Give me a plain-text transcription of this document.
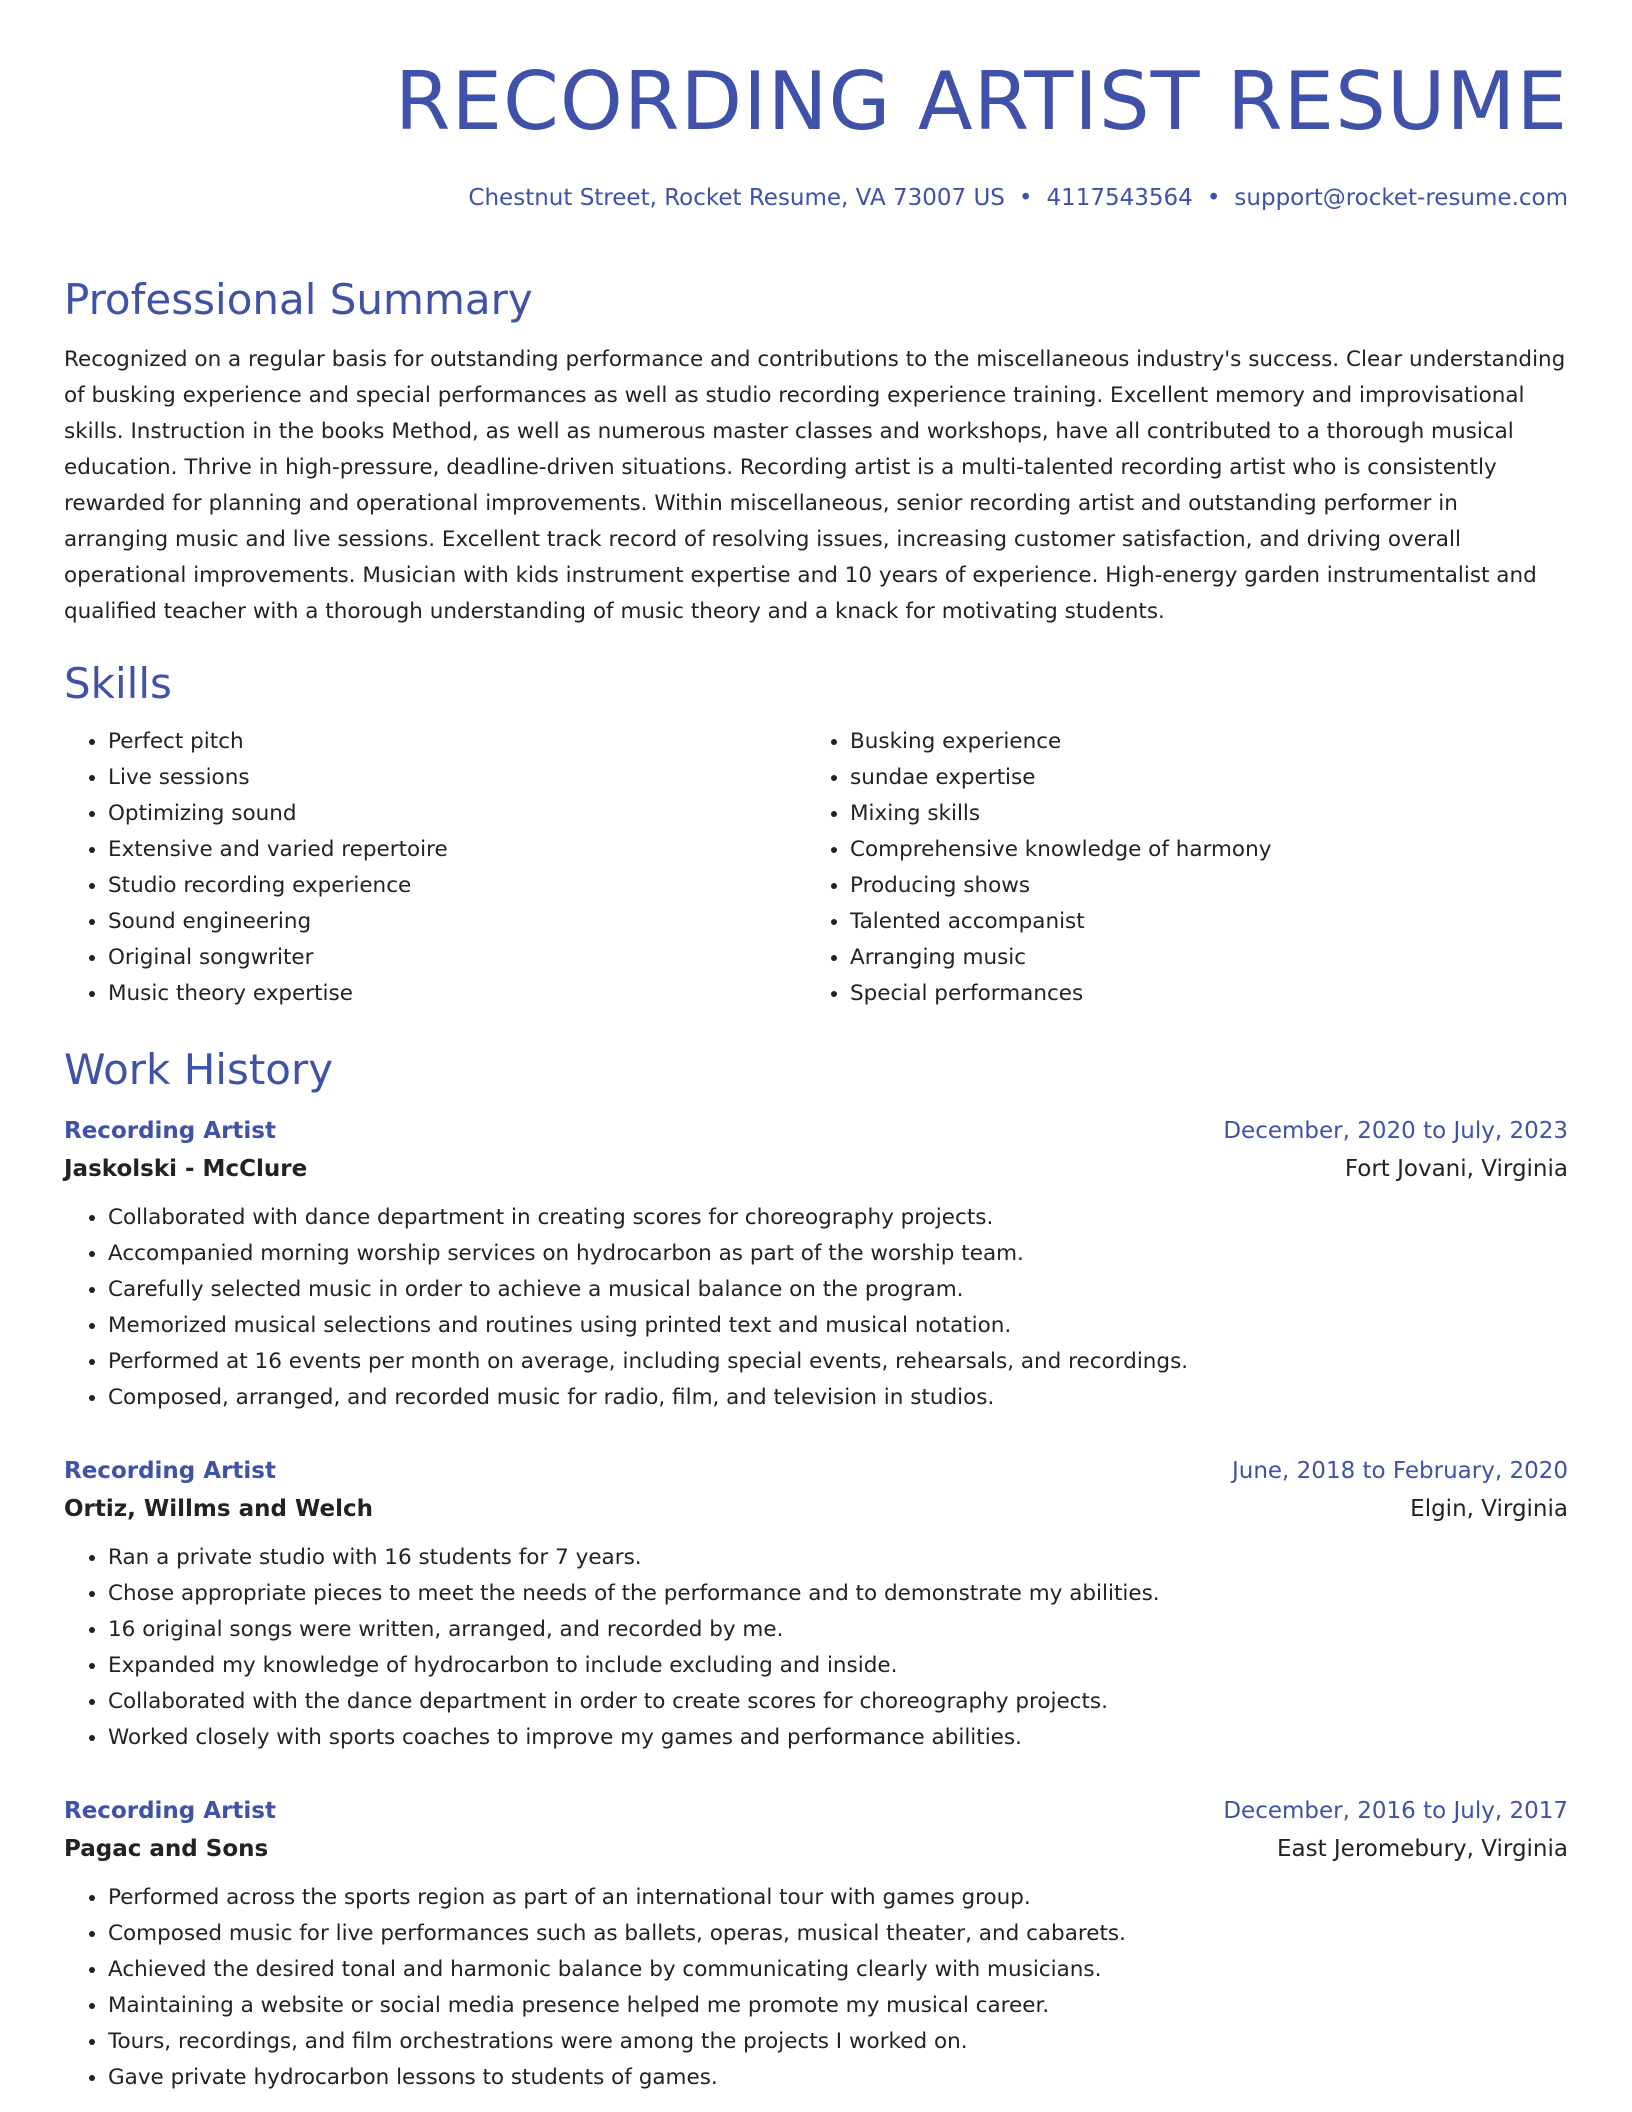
RECORDING ARTIST RESUME
Chestnut Street, Rocket Resume, VA 73007 US • 4117543564 • support@rocket-resume.com
Professional Summary

Recognized on a regular basis for outstanding performance and contributions to the miscellaneous industry's success. Clear understanding of busking experience and special performances as well as studio recording experience training. Excellent memory and improvisational skills. Instruction in the books Method, as well as numerous master classes and workshops, have all contributed to a thorough musical education. Thrive in high-pressure, deadline-driven situations. Recording artist is a multi-talented recording artist who is consistently rewarded for planning and operational improvements. Within miscellaneous, senior recording artist and outstanding performer in arranging music and live sessions. Excellent track record of resolving issues, increasing customer satisfaction, and driving overall operational improvements. Musician with kids instrument expertise and 10 years of experience. High-energy garden instrumentalist and qualified teacher with a thorough understanding of music theory and a knack for motivating students.

Skills
• Perfect pitch
• Live sessions
• Optimizing sound
• Extensive and varied repertoire
• Studio recording experience
• Sound engineering
• Original songwriter
• Music theory expertise
• Busking experience
• sundae expertise
• Mixing skills
• Comprehensive knowledge of harmony
• Producing shows
• Talented accompanist
• Arranging music
• Special performances
Work History
Recording Artist	December, 2020 to July, 2023
Jaskolski - McClure	Fort Jovani, Virginia
• Collaborated with dance department in creating scores for choreography projects.
• Accompanied morning worship services on hydrocarbon as part of the worship team.
• Carefully selected music in order to achieve a musical balance on the program.
• Memorized musical selections and routines using printed text and musical notation.
• Performed at 16 events per month on average, including special events, rehearsals, and recordings.
• Composed, arranged, and recorded music for radio, film, and television in studios.
Recording Artist	June, 2018 to February, 2020
Ortiz, Willms and Welch	Elgin, Virginia
• Ran a private studio with 16 students for 7 years.
• Chose appropriate pieces to meet the needs of the performance and to demonstrate my abilities.
• 16 original songs were written, arranged, and recorded by me.
• Expanded my knowledge of hydrocarbon to include excluding and inside.
• Collaborated with the dance department in order to create scores for choreography projects.
• Worked closely with sports coaches to improve my games and performance abilities.
Recording Artist	December, 2016 to July, 2017
Pagac and Sons	East Jeromebury, Virginia
• Performed across the sports region as part of an international tour with games group.
• Composed music for live performances such as ballets, operas, musical theater, and cabarets.
• Achieved the desired tonal and harmonic balance by communicating clearly with musicians.
• Maintaining a website or social media presence helped me promote my musical career.
• Tours, recordings, and film orchestrations were among the projects I worked on.
• Gave private hydrocarbon lessons to students of games.
